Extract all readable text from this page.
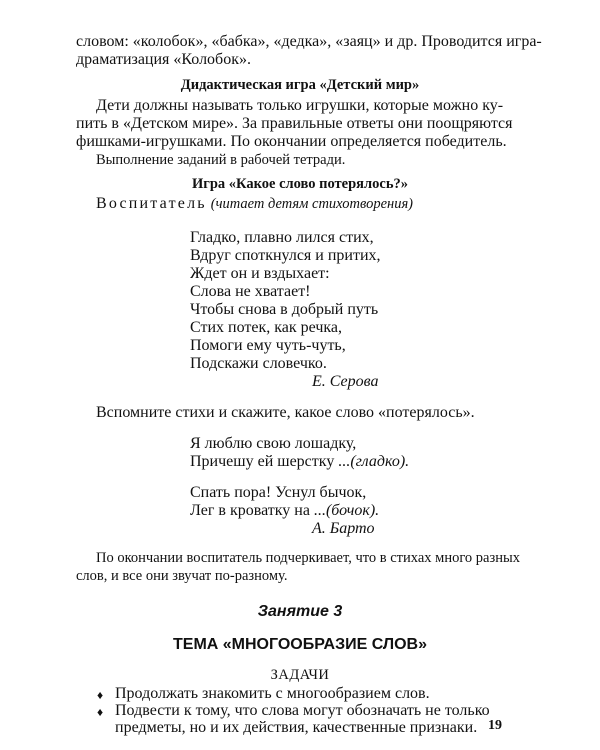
словом: «колобок», «бабка», «дедка», «заяц» и др. Проводится игра-
драматизация «Колобок».
Дидактическая игра «Детский мир»
Дети должны называть только игрушки, которые можно ку-
пить в «Детском мире». За правильные ответы они поощряются
фишками-игрушками. По окончании определяется победитель.
Выполнение заданий в рабочей тетради.
Игра «Какое слово потерялось?»
Воспитатель (читает детям стихотворения)
Гладко, плавно лился стих,
Вдруг споткнулся и притих,
Ждет он и вздыхает:
Слова не хватает!
Чтобы снова в добрый путь
Стих потек, как речка,
Помоги ему чуть-чуть,
Подскажи словечко.
Е. Серова
Вспомните стихи и скажите, какое слово «потерялось».
Я люблю свою лошадку,
Причешу ей шерстку ...(гладко).
Спать пора! Уснул бычок,
Лег в кроватку на ...(бочок).
А. Барто
По окончании воспитатель подчеркивает, что в стихах много разных
слов, и все они звучат по-разному.
Занятие 3
ТЕМА «МНОГООБРАЗИЕ СЛОВ»
ЗАДАЧИ
♦ Продолжать знакомить с многообразием слов.
♦ Подвести к тому, что слова могут обозначать не только
предметы, но и их действия, качественные признаки. 19
